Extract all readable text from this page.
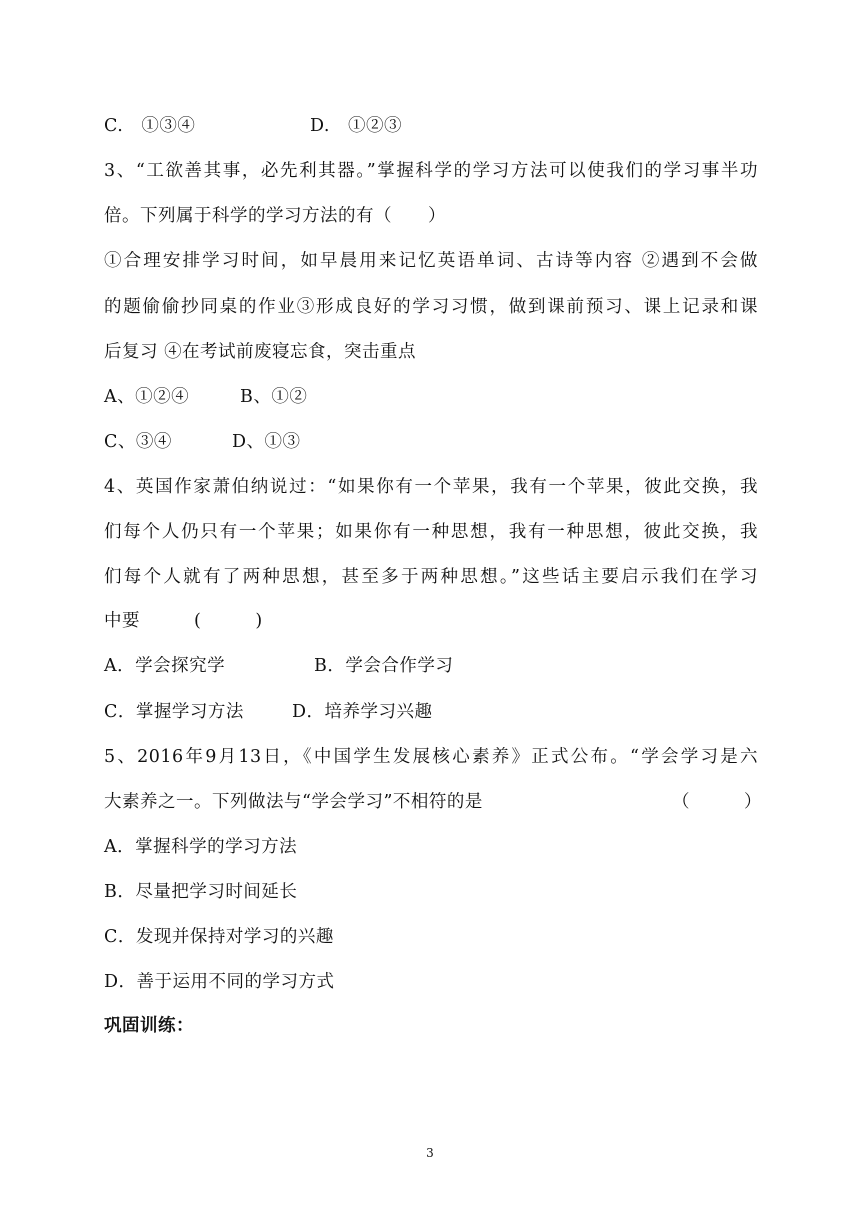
C.　①③④	D.　①②③
3、“工欲善其事，必先利其器。”掌握科学的学习方法可以使我们的学习事半功
倍。下列属于科学的学习方法的有（　　）
①合理安排学习时间，如早晨用来记忆英语单词、古诗等内容 ②遇到不会做
的题偷偷抄同桌的作业③形成良好的学习习惯，做到课前预习、课上记录和课
后复习 ④在考试前废寝忘食，突击重点
A、①②④	B、①②
C、③④	D、①③
4、英国作家萧伯纳说过：“如果你有一个苹果，我有一个苹果，彼此交换，我
们每个人仍只有一个苹果；如果你有一种思想，我有一种思想，彼此交换，我
们每个人就有了两种思想，甚至多于两种思想。”这些话主要启示我们在学习
中要　　　(　　　)
A．学会探究学	B．学会合作学习
C．掌握学习方法	D．培养学习兴趣
5、2016年9月13日，《中国学生发展核心素养》正式公布。“学会学习是六
大素养之一。下列做法与“学会学习”不相符的是	（　　　）
A．掌握科学的学习方法
B．尽量把学习时间延长
C．发现并保持对学习的兴趣
D．善于运用不同的学习方式
巩固训练：
3
